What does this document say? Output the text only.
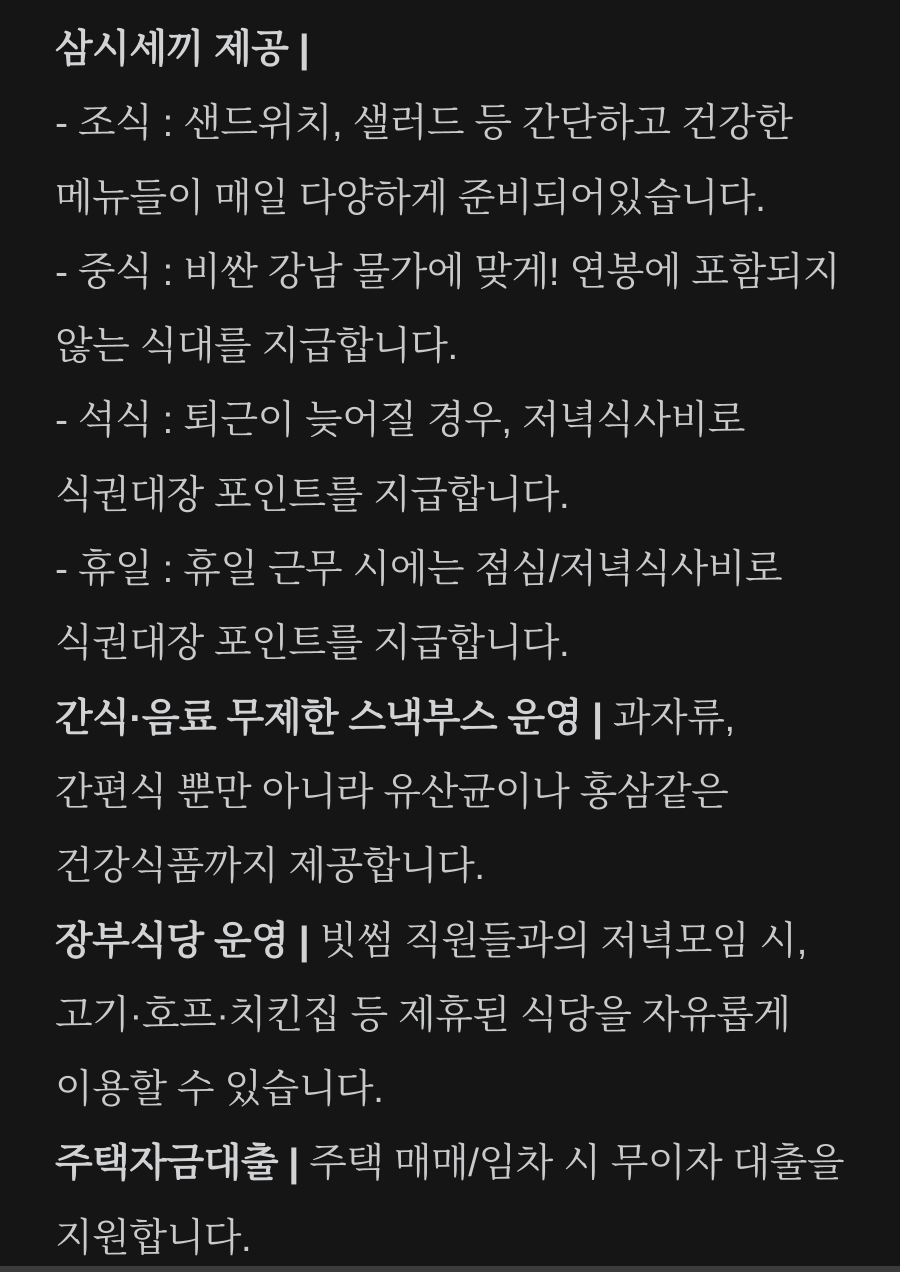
삼시세끼 제공 |
- 조식 : 샌드위치, 샐러드 등 간단하고 건강한
메뉴들이 매일 다양하게 준비되어있습니다.
- 중식 : 비싼 강남 물가에 맞게! 연봉에 포함되지
않는 식대를 지급합니다.
- 석식 : 퇴근이 늦어질 경우, 저녁식사비로
식권대장 포인트를 지급합니다.
- 휴일 : 휴일 근무 시에는 점심/저녁식사비로
식권대장 포인트를 지급합니다.
간식·음료 무제한 스낵부스 운영 | 과자류,
간편식 뿐만 아니라 유산균이나 홍삼같은
건강식품까지 제공합니다.
장부식당 운영 | 빗썸 직원들과의 저녁모임 시,
고기·호프·치킨집 등 제휴된 식당을 자유롭게
이용할 수 있습니다.
주택자금대출 | 주택 매매/임차 시 무이자 대출을
지원합니다.
